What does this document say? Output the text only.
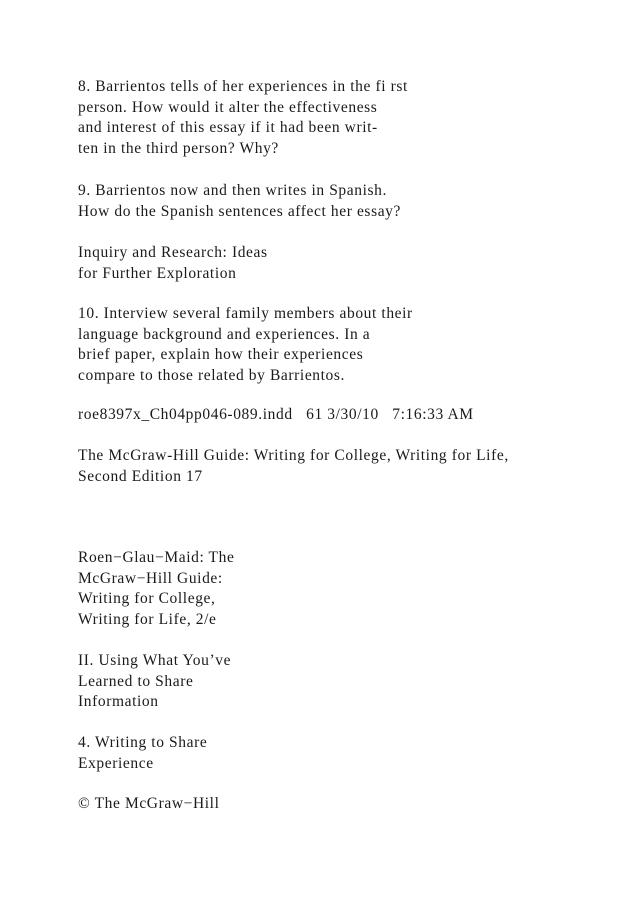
8. Barrientos tells of her experiences in the fi rst
person. How would it alter the effectiveness
and interest of this essay if it had been writ-
ten in the third person? Why?
9. Barrientos now and then writes in Spanish.
How do the Spanish sentences affect her essay?
Inquiry and Research: Ideas
for Further Exploration
10. Interview several family members about their
language background and experiences. In a
brief paper, explain how their experiences
compare to those related by Barrientos.
roe8397x_Ch04pp046-089.indd   61 3/30/10   7:16:33 AM
The McGraw-Hill Guide: Writing for College, Writing for Life,
Second Edition 17
Roen−Glau−Maid: The
McGraw−Hill Guide:
Writing for College,
Writing for Life, 2/e
II. Using What You’ve
Learned to Share
Information
4. Writing to Share
Experience
© The McGraw−Hill
